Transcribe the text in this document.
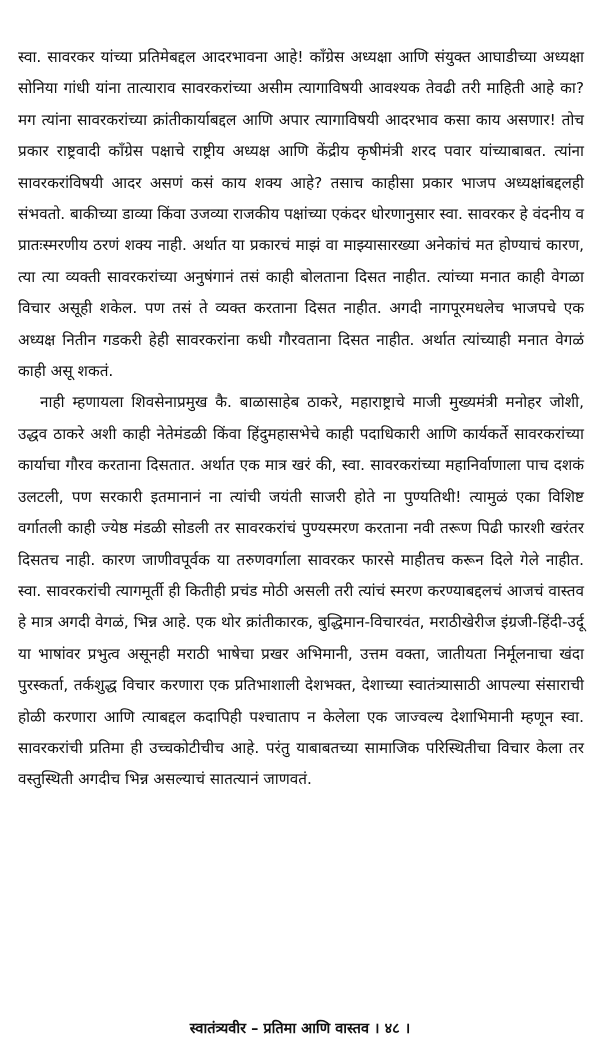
स्वा. सावरकर यांच्या प्रतिमेबद्दल आदरभावना आहे! काँग्रेस अध्यक्षा आणि संयुक्त आघाडीच्या अध्यक्षा सोनिया गांधी यांना तात्याराव सावरकरांच्या असीम त्यागाविषयी आवश्यक तेवढी तरी माहिती आहे का? मग त्यांना सावरकरांच्या क्रांतीकार्याबद्दल आणि अपार त्यागाविषयी आदरभाव कसा काय असणार! तोच प्रकार राष्ट्रवादी काँग्रेस पक्षाचे राष्ट्रीय अध्यक्ष आणि केंद्रीय कृषीमंत्री शरद पवार यांच्याबाबत. त्यांना सावरकरांविषयी आदर असणं कसं काय शक्य आहे? तसाच काहीसा प्रकार भाजप अध्यक्षांबद्दलही संभवतो. बाकीच्या डाव्या किंवा उजव्या राजकीय पक्षांच्या एकंदर धोरणानुसार स्वा. सावरकर हे वंदनीय व प्रातःस्मरणीय ठरणं शक्य नाही. अर्थात या प्रकारचं माझं वा माझ्यासारख्या अनेकांचं मत होण्याचं कारण, त्या त्या व्यक्ती सावरकरांच्या अनुषंगानं तसं काही बोलताना दिसत नाहीत. त्यांच्या मनात काही वेगळा विचार असूही शकेल. पण तसं ते व्यक्त करताना दिसत नाहीत. अगदी नागपूरमधलेच भाजपचे एक अध्यक्ष नितीन गडकरी हेही सावरकरांना कधी गौरवताना दिसत नाहीत. अर्थात त्यांच्याही मनात वेगळं काही असू शकतं.

नाही म्हणायला शिवसेनाप्रमुख कै. बाळासाहेब ठाकरे, महाराष्ट्राचे माजी मुख्यमंत्री मनोहर जोशी, उद्धव ठाकरे अशी काही नेतेमंडळी किंवा हिंदुमहासभेचे काही पदाधिकारी आणि कार्यकर्ते सावरकरांच्या कार्याचा गौरव करताना दिसतात. अर्थात एक मात्र खरं की, स्वा. सावरकरांच्या महानिर्वाणाला पाच दशकं उलटली, पण सरकारी इतमानानं ना त्यांची जयंती साजरी होते ना पुण्यतिथी! त्यामुळं एका विशिष्ट वर्गातली काही ज्येष्ठ मंडळी सोडली तर सावरकरांचं पुण्यस्मरण करताना नवी तरूण पिढी फारशी खरंतर दिसतच नाही. कारण जाणीवपूर्वक या तरुणवर्गाला सावरकर फारसे माहीतच करून दिले गेले नाहीत. स्वा. सावरकरांची त्यागमूर्ती ही कितीही प्रचंड मोठी असली तरी त्यांचं स्मरण करण्याबद्दलचं आजचं वास्तव हे मात्र अगदी वेगळं, भिन्न आहे. एक थोर क्रांतीकारक, बुद्धिमान-विचारवंत, मराठीखेरीज इंग्रजी-हिंदी-उर्दू या भाषांवर प्रभुत्व असूनही मराठी भाषेचा प्रखर अभिमानी, उत्तम वक्ता, जातीयता निर्मूलनाचा खंदा पुरस्कर्ता, तर्कशुद्ध विचार करणारा एक प्रतिभाशाली देशभक्त, देशाच्या स्वातंत्र्यासाठी आपल्या संसाराची होळी करणारा आणि त्याबद्दल कदापिही पश्चाताप न केलेला एक जाज्वल्य देशाभिमानी म्हणून स्वा. सावरकरांची प्रतिमा ही उच्चकोटीचीच आहे. परंतु याबाबतच्या सामाजिक परिस्थितीचा विचार केला तर वस्तुस्थिती अगदीच भिन्न असल्याचं सातत्यानं जाणवतं.

स्वातंत्र्यवीर – प्रतिमा आणि वास्तव । ४८ ।
